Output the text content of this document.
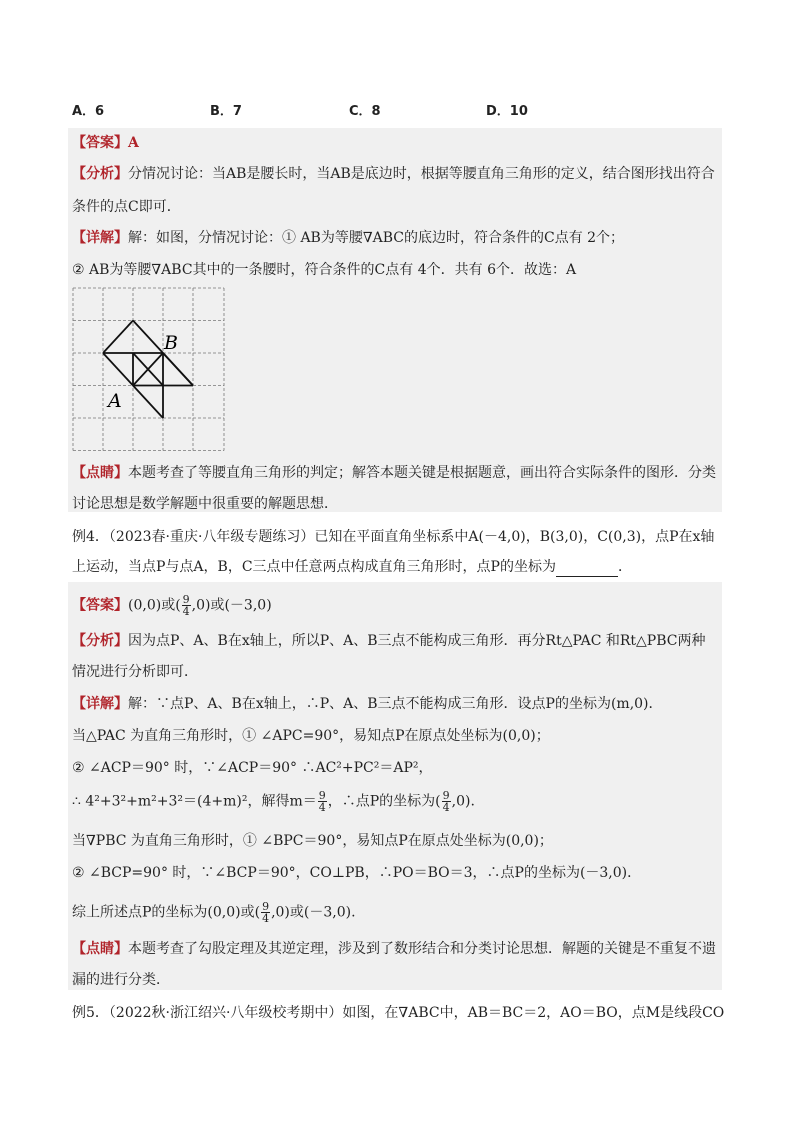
A．6	B．7	C．8	D．10
【答案】A
【分析】分情况讨论：当AB是腰长时，当AB是底边时，根据等腰直角三角形的定义，结合图形找出符合
条件的点C即可．
【详解】解：如图，分情况讨论：① AB为等腰∇ABC的底边时，符合条件的C点有 2个；
② AB为等腰∇ABC其中的一条腰时，符合条件的C点有 4个．共有 6个．故选：A
B
A
【点睛】本题考查了等腰直角三角形的判定；解答本题关键是根据题意，画出符合实际条件的图形．分类
讨论思想是数学解题中很重要的解题思想．
例4．（2023春·重庆·八年级专题练习）已知在平面直角坐标系中A(－4,0)，B(3,0)，C(0,3)，点P在x轴
上运动，当点P与点A，B，C三点中任意两点构成直角三角形时，点P的坐标为	．
【答案】(0,0)或( $\frac{9}{4} ,0$)或(－3,0)
【分析】因为点P、A、B在x轴上，所以P、A、B三点不能构成三角形．再分Rt△PAC 和Rt△PBC两种
情况进行分析即可．
【详解】解：∵点P、A、B在x轴上，∴P、A、B三点不能构成三角形．设点P的坐标为(m,0)．
当△PAC 为直角三角形时，① ∠APC=90°，易知点P在原点处坐标为(0,0)；
② ∠ACP＝90° 时，∵∠ACP＝90° ∴AC²+PC²＝AP²，
∴ 4²+3²+m²+3²＝(4+m)²，解得$m= \frac{9}{4}$ ，∴点P的坐标为( $\frac{9}{4} ,0$).
当∇PBC 为直角三角形时，① ∠BPC＝90°，易知点P在原点处坐标为(0,0)；
② ∠BCP=90° 时，∵∠BCP＝90°，CO⊥PB，∴PO＝BO＝3，∴点P的坐标为(－3,0)．
综上所述点P的坐标为(0,0)或( $\frac{9}{4} ,0$)或(－3,0).
【点睛】本题考查了勾股定理及其逆定理，涉及到了数形结合和分类讨论思想．解题的关键是不重复不遗
漏的进行分类．
例5．（2022秋·浙江绍兴·八年级校考期中）如图，在∇ABC中，AB＝BC＝2，AO＝BO，点M是线段CO
